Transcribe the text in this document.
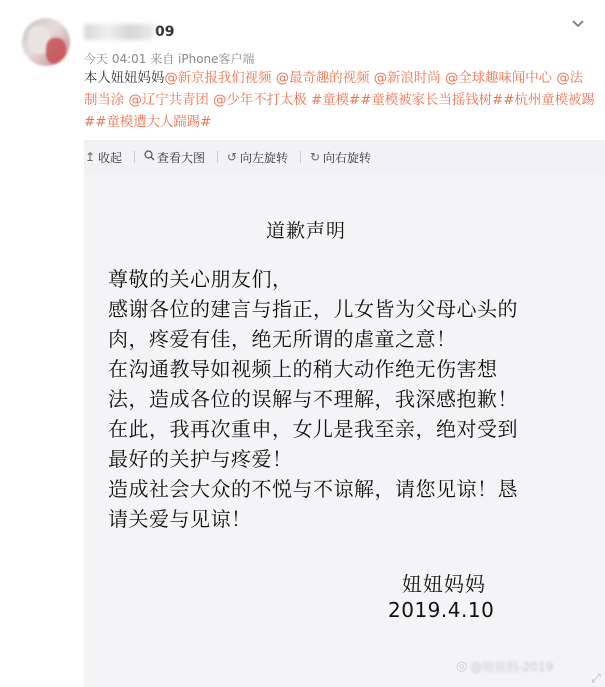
09
今天 04:01 来自 iPhone客户端
本人妞妞妈妈@新京报我们视频 @最奇趣的视频 @新浪时尚 @全球趣味闻中心 @法制当涂 @辽宁共青团 @少年不打太极 #童模##童模被家长当摇钱树##杭州童模被踢##童模遭大人踹踢#
↥ 收起	查看大图 ↺ 向左旋转 ↻ 向右旋转
道歉声明
尊敬的关心朋友们，
感谢各位的建言与指正，儿女皆为父母心头的
肉，疼爱有佳，绝无所谓的虐童之意！
在沟通教导如视频上的稍大动作绝无伤害想
法，造成各位的误解与不理解，我深感抱歉！
在此，我再次重申，女儿是我至亲，绝对受到
最好的关护与疼爱！
造成社会大众的不悦与不谅解，请您见谅！恳
请关爱与见谅！
妞妞妈妈
2019.4.10
◎ @妞妞妈-2019
⤢
